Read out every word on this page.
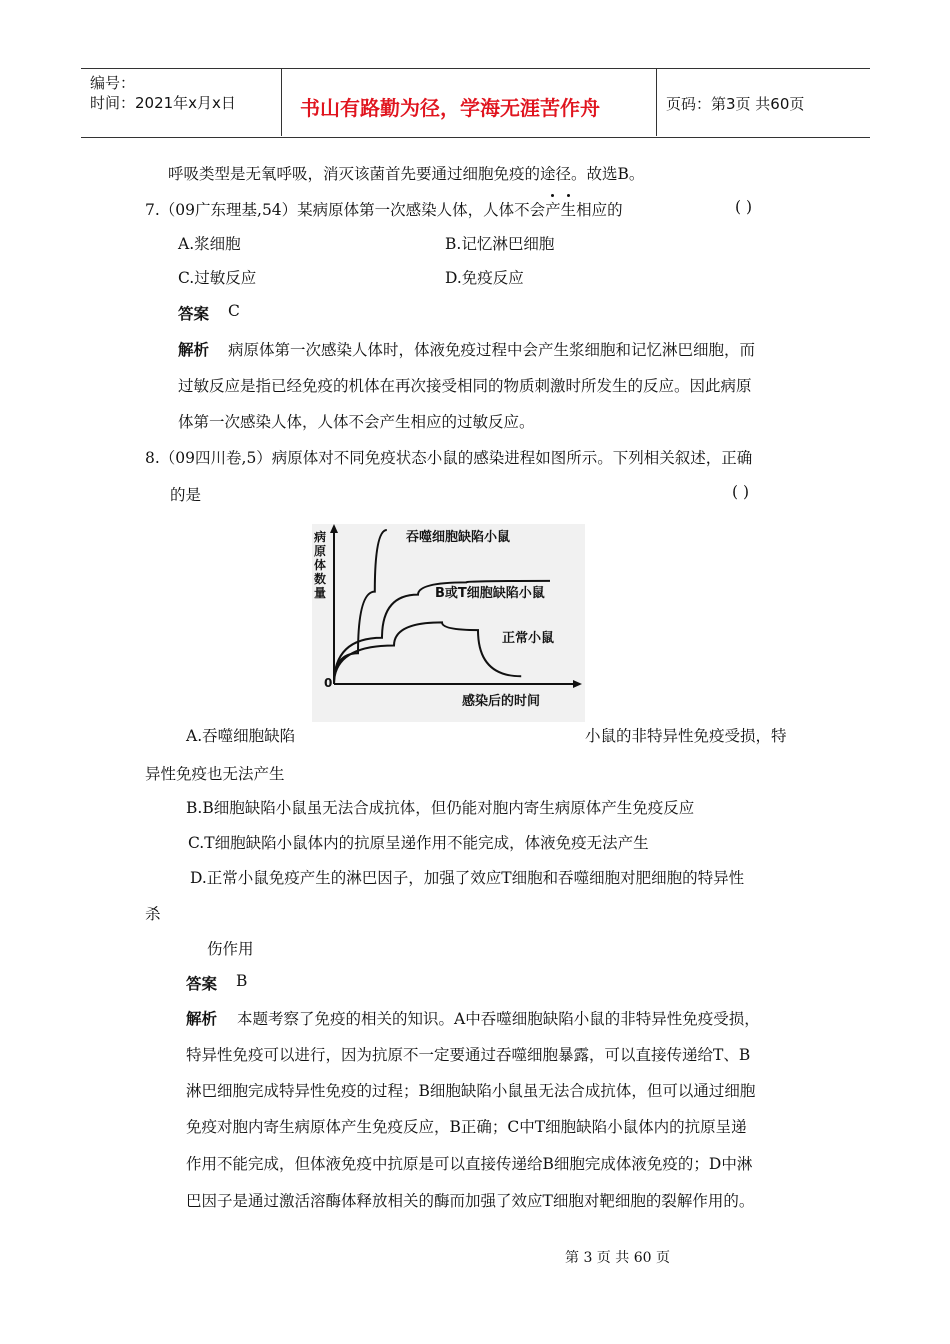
编号：
时间：2021年x月x日	书山有路勤为径，学海无涯苦作舟	页码：第3页 共60页
呼吸类型是无氧呼吸，消灭该菌首先要通过细胞免疫的途径。故选B。
7.（09广东理基,54）某病原体第一次感染人体，人体不会产生相应的	( )
A.浆细胞	B.记忆淋巴细胞
C.过敏反应	D.免疫反应
答案 C
解析 病原体第一次感染人体时，体液免疫过程中会产生浆细胞和记忆淋巴细胞，而
过敏反应是指已经免疫的机体在再次接受相同的物质刺激时所发生的反应。因此病原
体第一次感染人体，人体不会产生相应的过敏反应。
8.（09四川卷,5）病原体对不同免疫状态小鼠的感染进程如图所示。下列相关叙述，正确
的是	( )
病原体数量
感染后的时间
0
吞噬细胞缺陷小鼠
B或T细胞缺陷小鼠
正常小鼠
A.吞噬细胞缺陷	小鼠的非特异性免疫受损，特
异性免疫也无法产生
B.B细胞缺陷小鼠虽无法合成抗体，但仍能对胞内寄生病原体产生免疫反应
C.T细胞缺陷小鼠体内的抗原呈递作用不能完成，体液免疫无法产生
D.正常小鼠免疫产生的淋巴因子，加强了效应T细胞和吞噬细胞对肥细胞的特异性
杀
伤作用
答案 B
解析 本题考察了免疫的相关的知识。A中吞噬细胞缺陷小鼠的非特异性免疫受损，
特异性免疫可以进行，因为抗原不一定要通过吞噬细胞暴露，可以直接传递给T、B
淋巴细胞完成特异性免疫的过程；B细胞缺陷小鼠虽无法合成抗体，但可以通过细胞
免疫对胞内寄生病原体产生免疫反应，B正确；C中T细胞缺陷小鼠体内的抗原呈递
作用不能完成，但体液免疫中抗原是可以直接传递给B细胞完成体液免疫的；D中淋
巴因子是通过激活溶酶体释放相关的酶而加强了效应T细胞对靶细胞的裂解作用的。
第 3 页 共 60 页
